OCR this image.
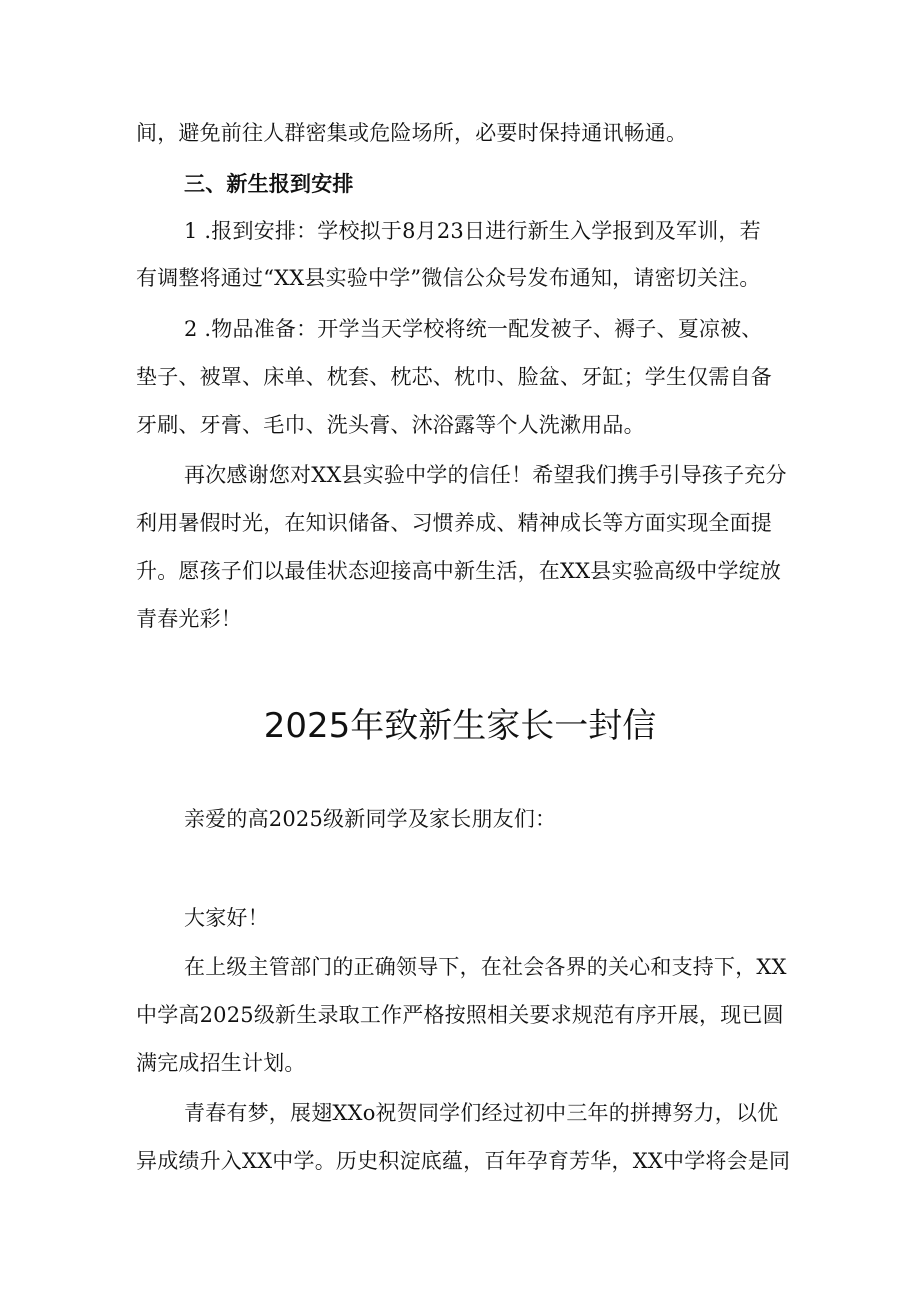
间，避免前往人群密集或危险场所，必要时保持通讯畅通。
三、新生报到安排
1 .报到安排：学校拟于8月23日进行新生入学报到及军训，若
有调整将通过“XX县实验中学”微信公众号发布通知，请密切关注。
2 .物品准备：开学当天学校将统一配发被子、褥子、夏凉被、
垫子、被罩、床单、枕套、枕芯、枕巾、脸盆、牙缸；学生仅需自备
牙刷、牙膏、毛巾、洗头膏、沐浴露等个人洗漱用品。
再次感谢您对XX县实验中学的信任！希望我们携手引导孩子充分
利用暑假时光，在知识储备、习惯养成、精神成长等方面实现全面提
升。愿孩子们以最佳状态迎接高中新生活，在XX县实验高级中学绽放
青春光彩！
2025年致新生家长一封信
亲爱的高2025级新同学及家长朋友们：
大家好！
在上级主管部门的正确领导下，在社会各界的关心和支持下，XX
中学高2025级新生录取工作严格按照相关要求规范有序开展，现已圆
满完成招生计划。
青春有梦，展翅XXo祝贺同学们经过初中三年的拼搏努力，以优
异成绩升入XX中学。历史积淀底蕴，百年孕育芳华，XX中学将会是同
